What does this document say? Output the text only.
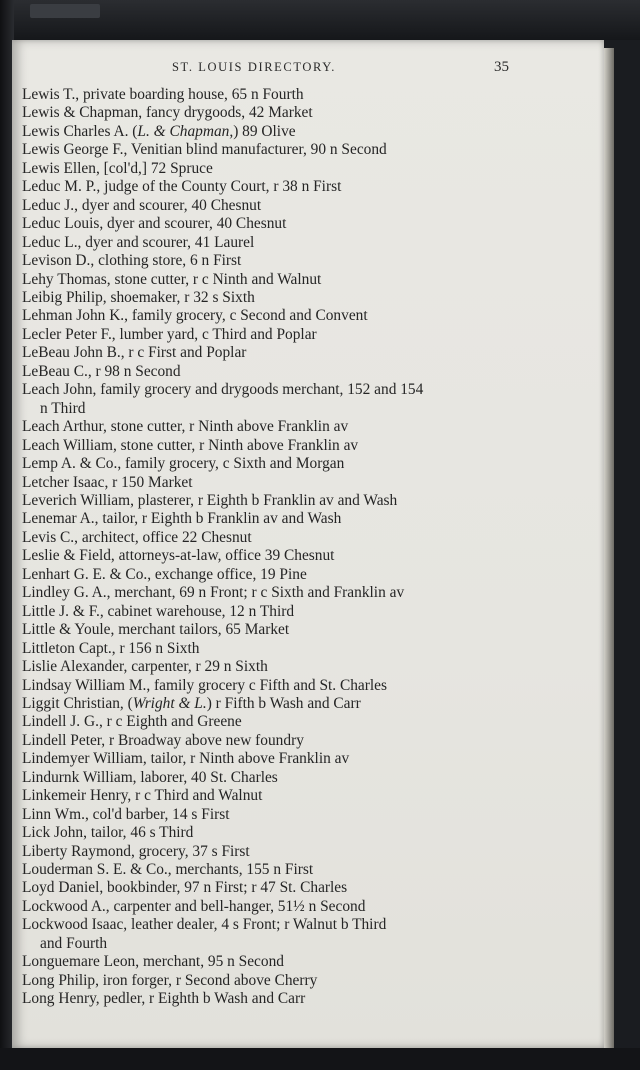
ST. LOUIS DIRECTORY.	35
Lewis T., private boarding house, 65 n Fourth
Lewis & Chapman, fancy drygoods, 42 Market
Lewis Charles A. (L. & Chapman,) 89 Olive
Lewis George F., Venitian blind manufacturer, 90 n Second
Lewis Ellen, [col'd,] 72 Spruce
Leduc M. P., judge of the County Court, r 38 n First
Leduc J., dyer and scourer, 40 Chesnut
Leduc Louis, dyer and scourer, 40 Chesnut
Leduc L., dyer and scourer, 41 Laurel
Levison D., clothing store, 6 n First
Lehy Thomas, stone cutter, r c Ninth and Walnut
Leibig Philip, shoemaker, r 32 s Sixth
Lehman John K., family grocery, c Second and Convent
Lecler Peter F., lumber yard, c Third and Poplar
LeBeau John B., r c First and Poplar
LeBeau C., r 98 n Second
Leach John, family grocery and drygoods merchant, 152 and 154
n Third
Leach Arthur, stone cutter, r Ninth above Franklin av
Leach William, stone cutter, r Ninth above Franklin av
Lemp A. & Co., family grocery, c Sixth and Morgan
Letcher Isaac, r 150 Market
Leverich William, plasterer, r Eighth b Franklin av and Wash
Lenemar A., tailor, r Eighth b Franklin av and Wash
Levis C., architect, office 22 Chesnut
Leslie & Field, attorneys-at-law, office 39 Chesnut
Lenhart G. E. & Co., exchange office, 19 Pine
Lindley G. A., merchant, 69 n Front; r c Sixth and Franklin av
Little J. & F., cabinet warehouse, 12 n Third
Little & Youle, merchant tailors, 65 Market
Littleton Capt., r 156 n Sixth
Lislie Alexander, carpenter, r 29 n Sixth
Lindsay William M., family grocery c Fifth and St. Charles
Liggit Christian, (Wright & L.) r Fifth b Wash and Carr
Lindell J. G., r c Eighth and Greene
Lindell Peter, r Broadway above new foundry
Lindemyer William, tailor, r Ninth above Franklin av
Lindurnk William, laborer, 40 St. Charles
Linkemeir Henry, r c Third and Walnut
Linn Wm., col'd barber, 14 s First
Lick John, tailor, 46 s Third
Liberty Raymond, grocery, 37 s First
Louderman S. E. & Co., merchants, 155 n First
Loyd Daniel, bookbinder, 97 n First; r 47 St. Charles
Lockwood A., carpenter and bell-hanger, 51½ n Second
Lockwood Isaac, leather dealer, 4 s Front; r Walnut b Third
and Fourth
Longuemare Leon, merchant, 95 n Second
Long Philip, iron forger, r Second above Cherry
Long Henry, pedler, r Eighth b Wash and Carr
